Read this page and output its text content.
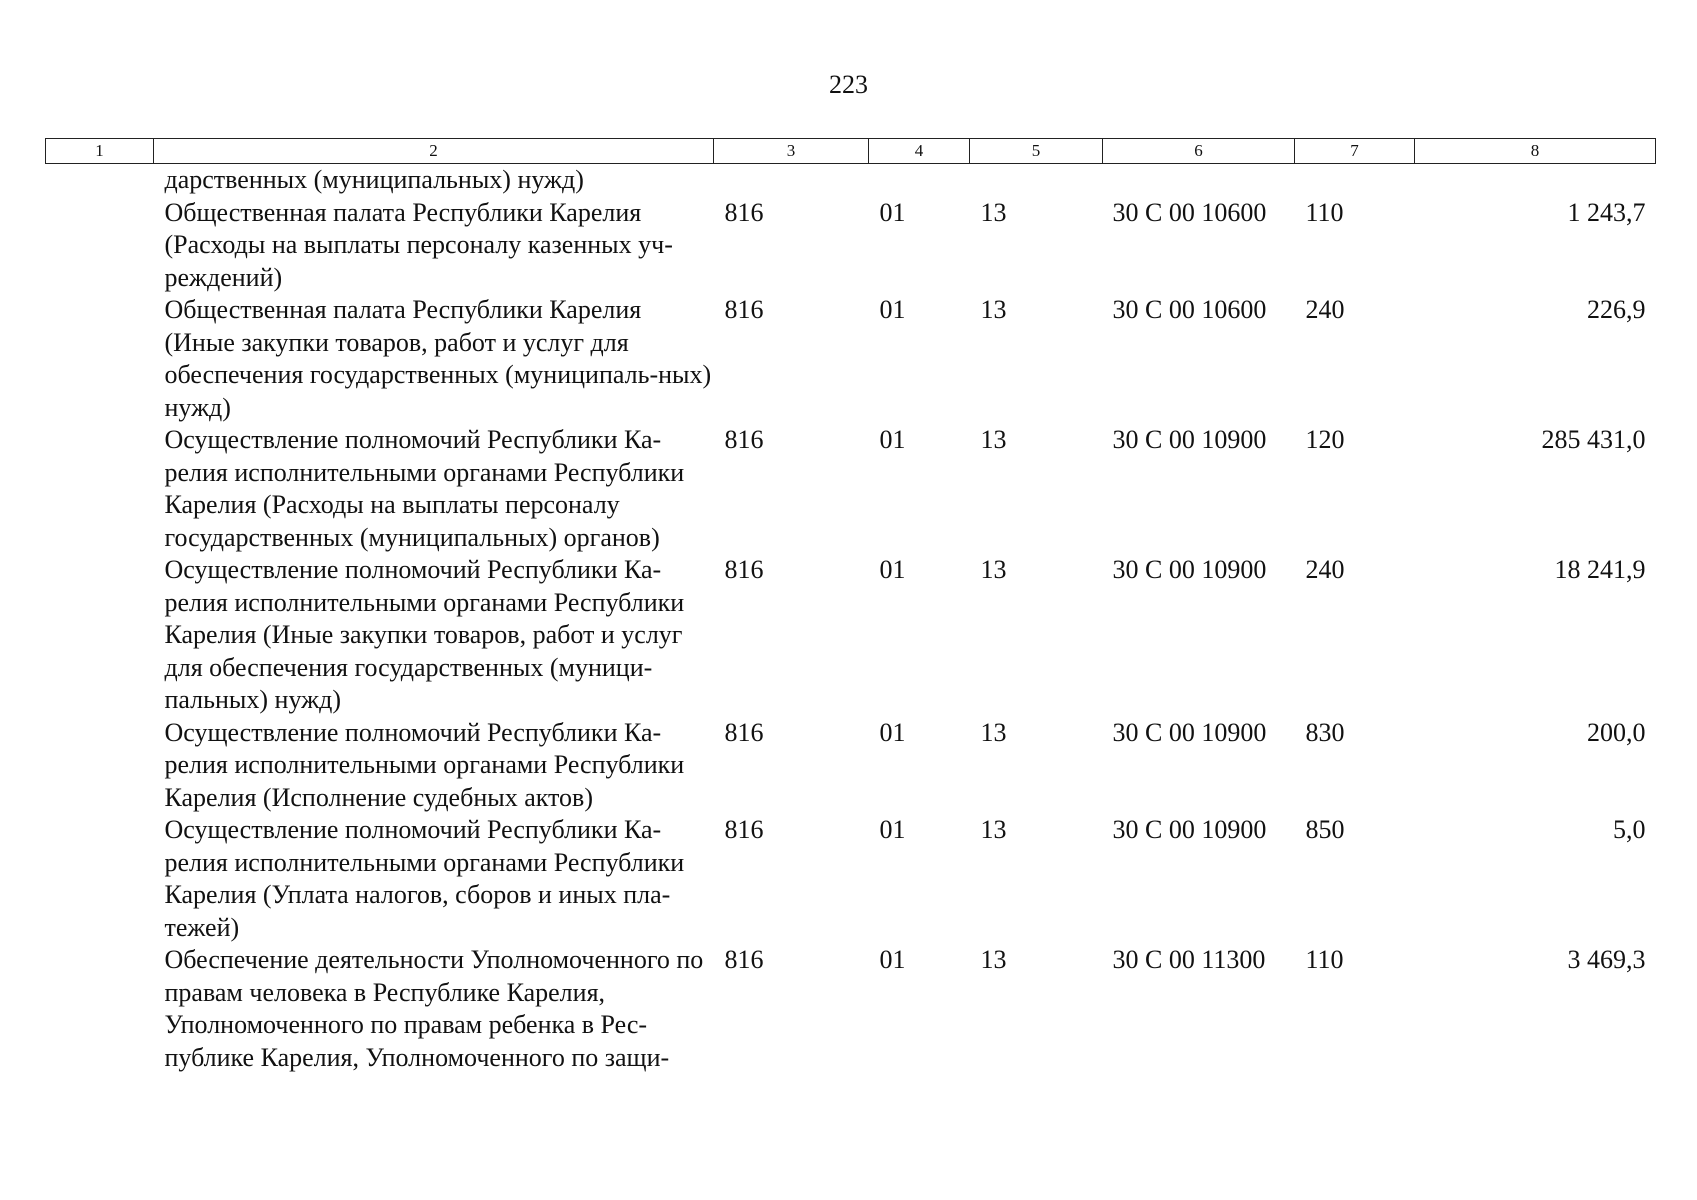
223
1	2	3	4	5	6	7	8
	дарственных (муниципальных) нужд)						
	Общественная палата Республики Карелия (Расходы на выплаты персоналу казенных уч-реждений)	816	01	13	30 С 00 10600	110	1 243,7
	Общественная палата Республики Карелия (Иные закупки товаров, работ и услуг для обеспечения государственных (муниципаль-ных) нужд)	816	01	13	30 С 00 10600	240	226,9
	Осуществление полномочий Республики Ка-релия исполнительными органами Республики Карелия (Расходы на выплаты персоналу государственных (муниципальных) органов)	816	01	13	30 С 00 10900	120	285 431,0
	Осуществление полномочий Республики Ка-релия исполнительными органами Республики Карелия (Иные закупки товаров, работ и услуг для обеспечения государственных (муници-пальных) нужд)	816	01	13	30 С 00 10900	240	18 241,9
	Осуществление полномочий Республики Ка-релия исполнительными органами Республики Карелия (Исполнение судебных актов)	816	01	13	30 С 00 10900	830	200,0
	Осуществление полномочий Республики Ка-релия исполнительными органами Республики Карелия (Уплата налогов, сборов и иных пла-тежей)	816	01	13	30 С 00 10900	850	5,0
	Обеспечение деятельности Уполномоченного по правам человека в Республике Карелия, Уполномоченного по правам ребенка в Рес-публике Карелия, Уполномоченного по защи-	816	01	13	30 С 00 11300	110	3 469,3
